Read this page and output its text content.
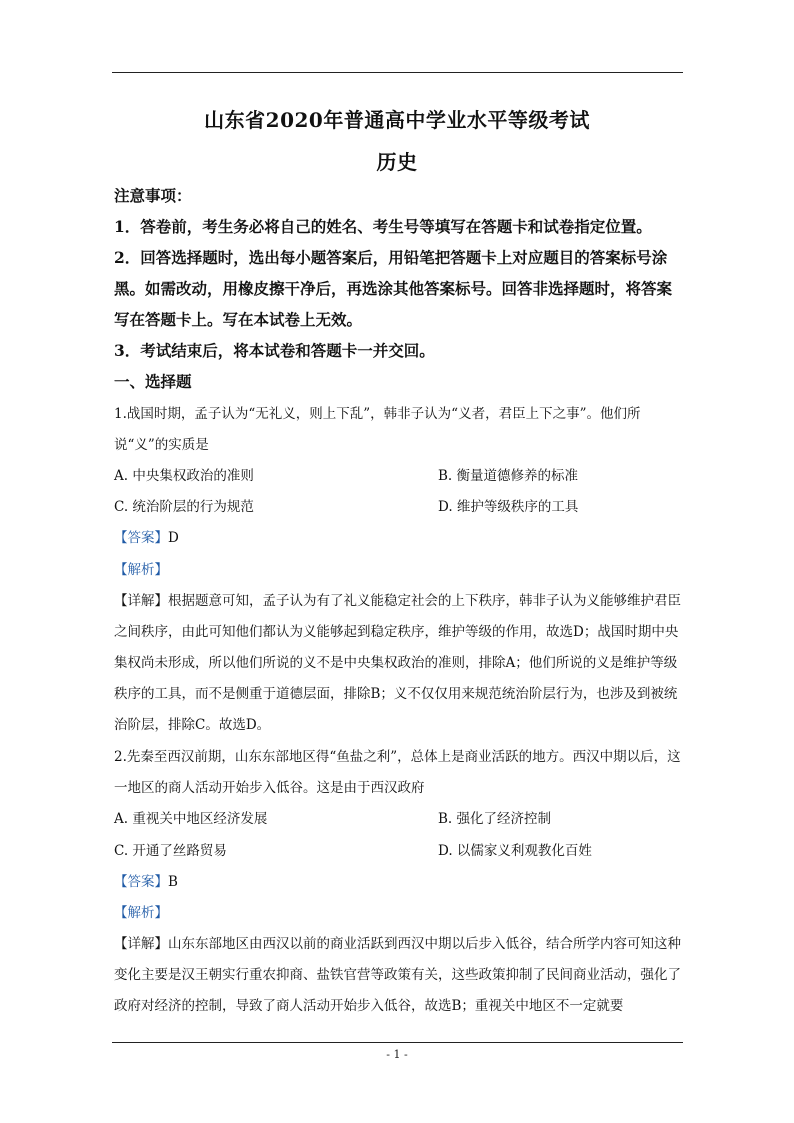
山东省2020年普通高中学业水平等级考试
历史
注意事项：
1．答卷前，考生务必将自己的姓名、考生号等填写在答题卡和试卷指定位置。
2．回答选择题时，选出每小题答案后，用铅笔把答题卡上对应题目的答案标号涂黑。如需改动，用橡皮擦干净后，再选涂其他答案标号。回答非选择题时，将答案写在答题卡上。写在本试卷上无效。
3．考试结束后，将本试卷和答题卡一并交回。
一、选择题
1.战国时期，孟子认为“无礼义，则上下乱”，韩非子认为“义者，君臣上下之事”。他们所说“义”的实质是
A. 中央集权政治的准则	B. 衡量道德修养的标准
C. 统治阶层的行为规范	D. 维护等级秩序的工具
【答案】D
【解析】
【详解】根据题意可知，孟子认为有了礼义能稳定社会的上下秩序，韩非子认为义能够维护君臣之间秩序，由此可知他们都认为义能够起到稳定秩序，维护等级的作用，故选D；战国时期中央集权尚未形成，所以他们所说的义不是中央集权政治的准则，排除A；他们所说的义是维护等级秩序的工具，而不是侧重于道德层面，排除B；义不仅仅用来规范统治阶层行为，也涉及到被统治阶层，排除C。故选D。
2.先秦至西汉前期，山东东部地区得“鱼盐之利”，总体上是商业活跃的地方。西汉中期以后，这一地区的商人活动开始步入低谷。这是由于西汉政府
A. 重视关中地区经济发展	B. 强化了经济控制
C. 开通了丝路贸易	D. 以儒家义利观教化百姓
【答案】B
【解析】
【详解】山东东部地区由西汉以前的商业活跃到西汉中期以后步入低谷，结合所学内容可知这种变化主要是汉王朝实行重农抑商、盐铁官营等政策有关，这些政策抑制了民间商业活动，强化了政府对经济的控制，导致了商人活动开始步入低谷，故选B；重视关中地区不一定就要
- 1 -
